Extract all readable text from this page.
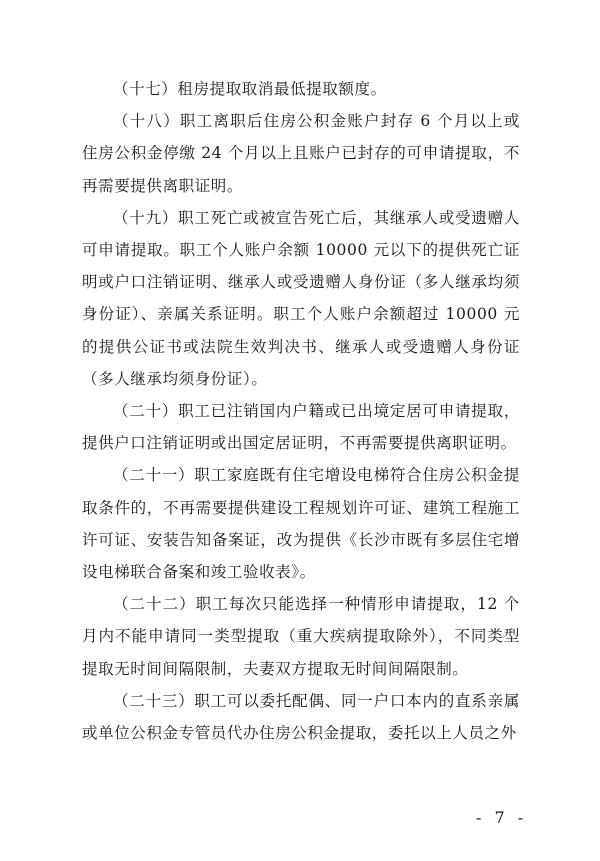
（十七）租房提取取消最低提取额度。

（十八）职工离职后住房公积金账户封存 6 个月以上或住房公积金停缴 24 个月以上且账户已封存的可申请提取，不再需要提供离职证明。

（十九）职工死亡或被宣告死亡后，其继承人或受遗赠人可申请提取。职工个人账户余额 10000 元以下的提供死亡证明或户口注销证明、继承人或受遗赠人身份证（多人继承均须身份证）、亲属关系证明。职工个人账户余额超过 10000 元的提供公证书或法院生效判决书、继承人或受遗赠人身份证（多人继承均须身份证）。

（二十）职工已注销国内户籍或已出境定居可申请提取，提供户口注销证明或出国定居证明，不再需要提供离职证明。

（二十一）职工家庭既有住宅增设电梯符合住房公积金提取条件的，不再需要提供建设工程规划许可证、建筑工程施工许可证、安装告知备案证，改为提供《长沙市既有多层住宅增设电梯联合备案和竣工验收表》。

（二十二）职工每次只能选择一种情形申请提取，12 个月内不能申请同一类型提取（重大疾病提取除外），不同类型提取无时间间隔限制，夫妻双方提取无时间间隔限制。

（二十三）职工可以委托配偶、同一户口本内的直系亲属或单位公积金专管员代办住房公积金提取，委托以上人员之外

- 7 -
